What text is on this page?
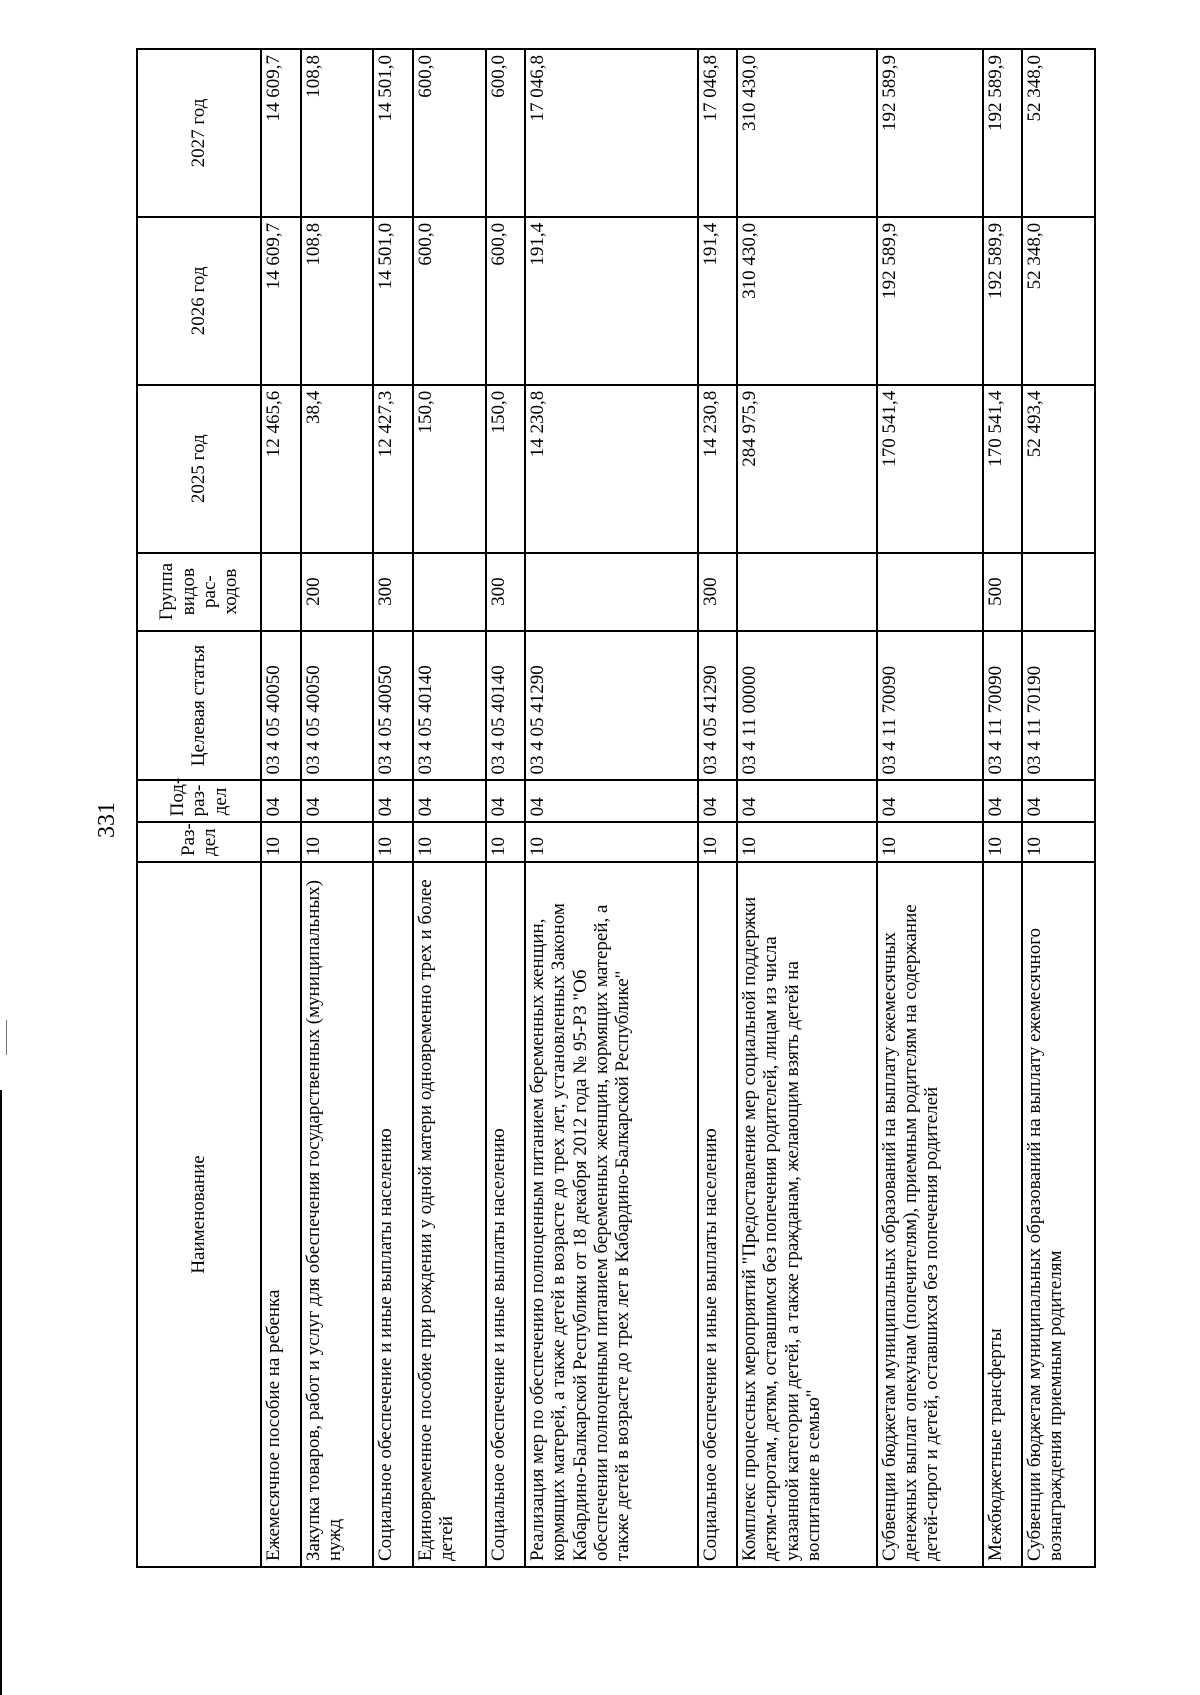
331
Наименование	Раз-дел	Под-раз-дел	Целевая статья	Группа видов рас-ходов	2025 год	2026 год	2027 год
Ежемесячное пособие на ребенка	10	04	03 4 05 40050		12 465,6	14 609,7	14 609,7
Закупка товаров, работ и услуг для обеспечения государственных (муниципальных) нужд	10	04	03 4 05 40050	200	38,4	108,8	108,8
Социальное обеспечение и иные выплаты населению	10	04	03 4 05 40050	300	12 427,3	14 501,0	14 501,0
Единовременное пособие при рождении у одной матери одновременно трех и более детей	10	04	03 4 05 40140		150,0	600,0	600,0
Социальное обеспечение и иные выплаты населению	10	04	03 4 05 40140	300	150,0	600,0	600,0
Реализация мер по обеспечению полноценным питанием беременных женщин, кормящих матерей, а также детей в возрасте до трех лет, установленных Законом Кабардино-Балкарской Республики от 18 декабря 2012 года № 95-РЗ "Об обеспечении полноценным питанием беременных женщин, кормящих матерей, а также детей в возрасте до трех лет в Кабардино-Балкарской Республике"	10	04	03 4 05 41290		14 230,8	191,4	17 046,8
Социальное обеспечение и иные выплаты населению	10	04	03 4 05 41290	300	14 230,8	191,4	17 046,8
Комплекс процессных мероприятий "Предоставление мер социальной поддержки детям-сиротам, детям, оставшимся без попечения родителей, лицам из числа указанной категории детей, а также гражданам, желающим взять детей на воспитание в семью"	10	04	03 4 11 00000		284 975,9	310 430,0	310 430,0
Субвенции бюджетам муниципальных образований на выплату ежемесячных денежных выплат опекунам (попечителям), приемным родителям на содержание детей-сирот и детей, оставшихся без попечения родителей	10	04	03 4 11 70090		170 541,4	192 589,9	192 589,9
Межбюджетные трансферты	10	04	03 4 11 70090	500	170 541,4	192 589,9	192 589,9
Субвенции бюджетам муниципальных образований на выплату ежемесячного вознаграждения приемным родителям	10	04	03 4 11 70190		52 493,4	52 348,0	52 348,0
